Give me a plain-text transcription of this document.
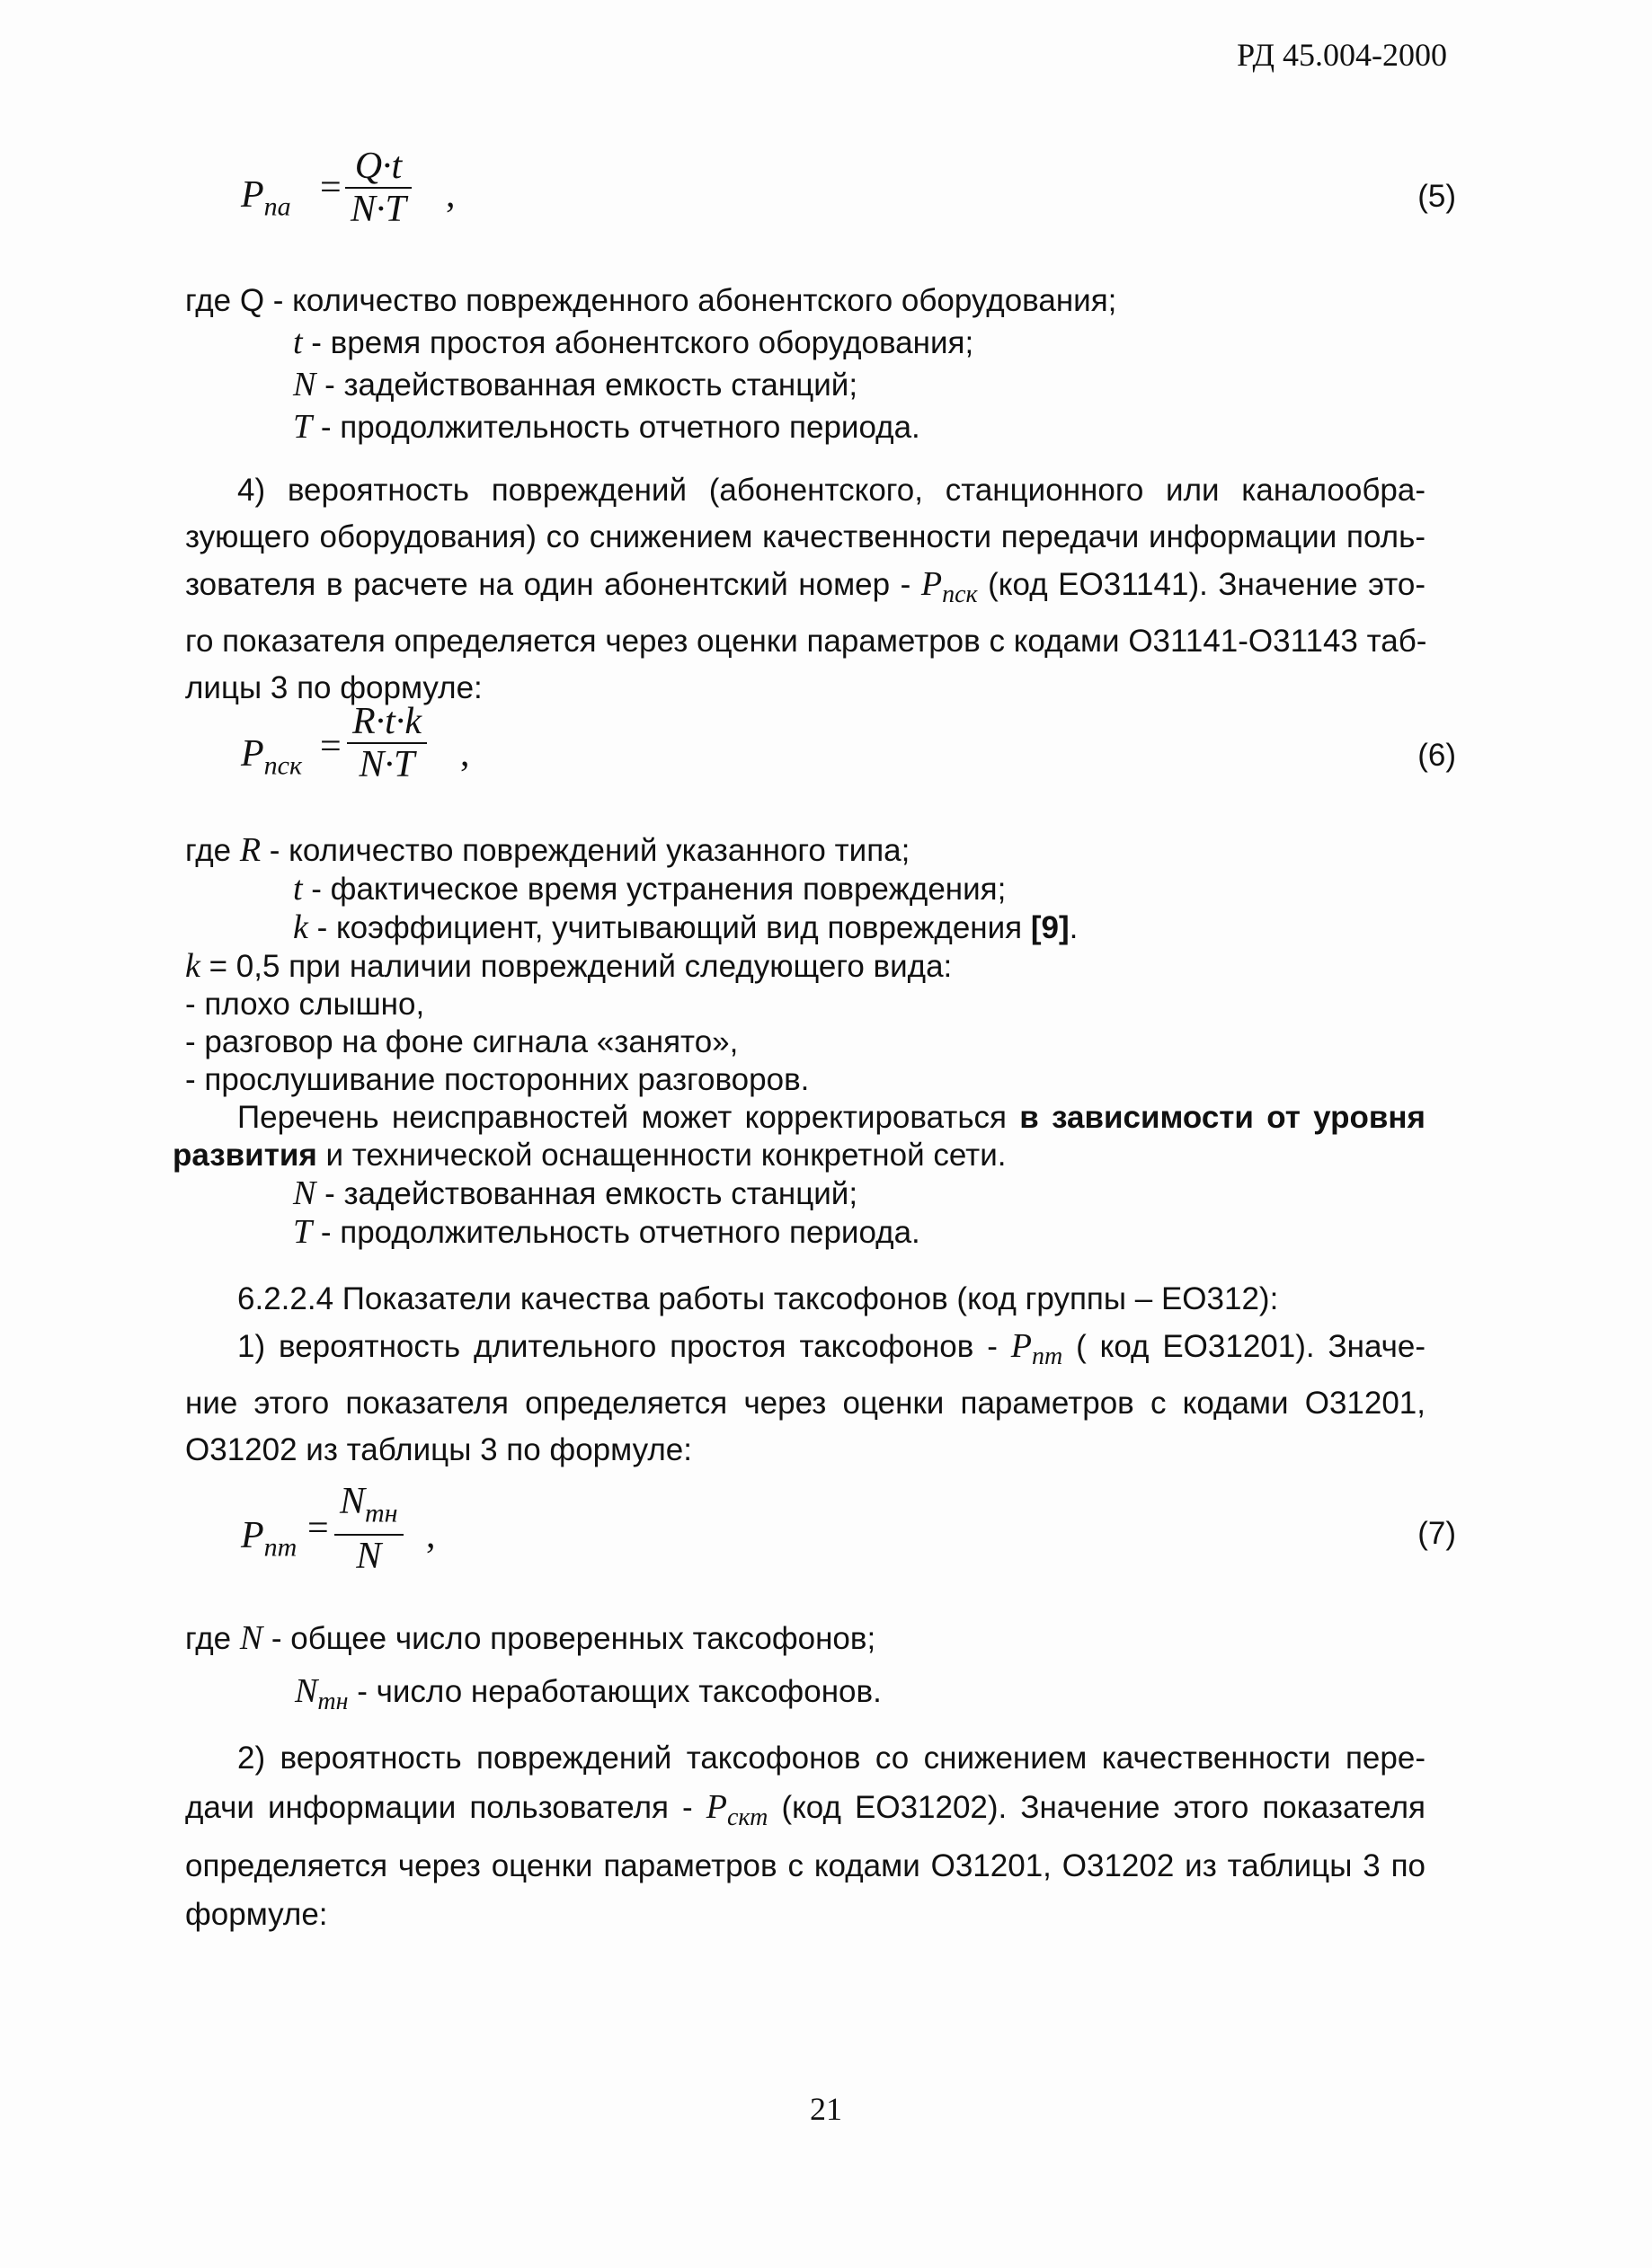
РД 45.004-2000
$P_{па} = \frac{Q\cdot t}{N\cdot T}$ ,	(5)
где Q - количество поврежденного абонентского оборудования;
t - время простоя абонентского оборудования;
N - задействованная емкость станций;
T - продолжительность отчетного периода.
4) вероятность повреждений (абонентского, станционного или каналообра-
зующего оборудования) со снижением качественности передачи информации поль-
зователя в расчете на один абонентский номер - $P_{пск}$ (код ЕО31141). Значение это-
го показателя определяется через оценки параметров с кодами О31141-О31143 таб-
лицы 3 по формуле:
$P_{пск} = \frac{R\cdot t\cdot k}{N\cdot T}$ ,	(6)
где R - количество повреждений указанного типа;
t - фактическое время устранения повреждения;
k - коэффициент, учитывающий вид повреждения [9].
k = 0,5 при наличии повреждений следующего вида:
- плохо слышно,
- разговор на фоне сигнала «занято»,
- прослушивание посторонних разговоров.
Перечень неисправностей может корректироваться в зависимости от уровня
развития и технической оснащенности конкретной сети.
N - задействованная емкость станций;
T - продолжительность отчетного периода.
6.2.2.4 Показатели качества работы таксофонов (код группы – ЕО312):
1) вероятность длительного простоя таксофонов - $P_{пт}$ ( код ЕО31201). Значе-
ние этого показателя определяется через оценки параметров с кодами О31201,
О31202 из таблицы 3 по формуле:
$P_{пт}$ =
$N_{тн}$
N
,	(7)
где N - общее число проверенных таксофонов;
$N_{тн}$ - число неработающих таксофонов.
2) вероятность повреждений таксофонов со снижением качественности пере-
дачи информации пользователя - $P_{скт}$ (код ЕО31202). Значение этого показателя
определяется через оценки параметров с кодами О31201, О31202 из таблицы 3 по
формуле:
21
